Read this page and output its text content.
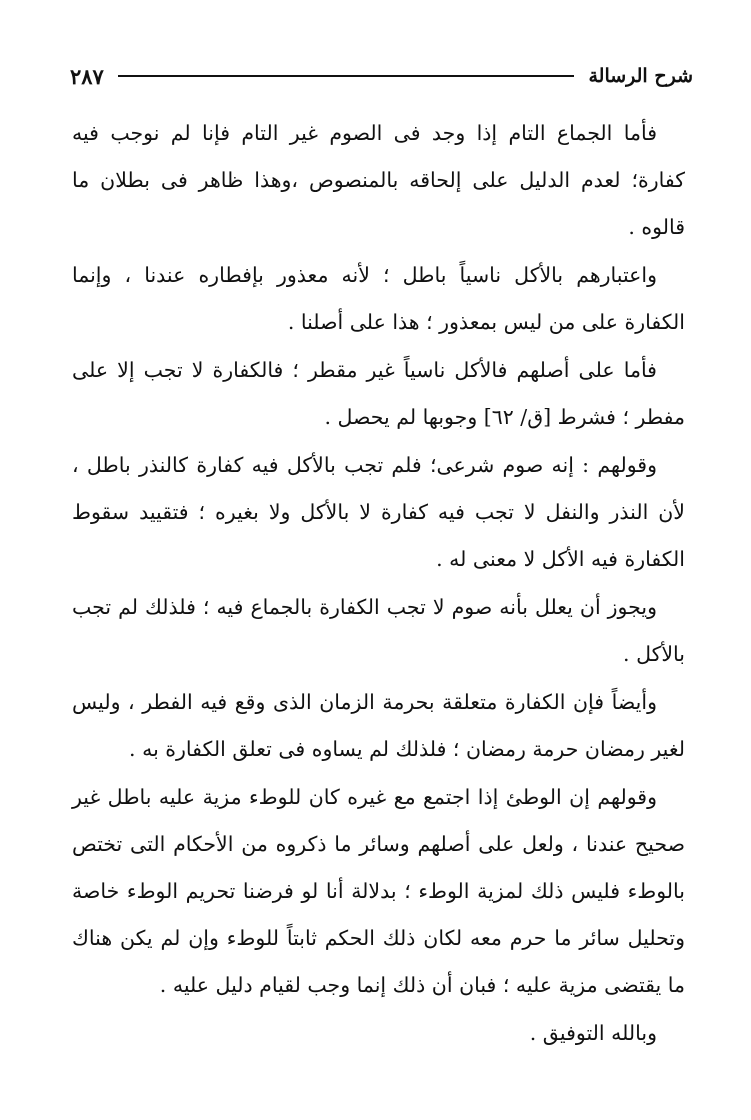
شرح الرسالة
٢٨٧

فأما الجماع التام إذا وجد فى الصوم غير التام فإنا لم نوجب فيه كفارة؛ لعدم الدليل على إلحاقه بالمنصوص ،وهذا ظاهر فى بطلان ما قالوه .

واعتبارهم بالأكل ناسياً باطل ؛ لأنه معذور بإفطاره عندنا ، وإنما الكفارة على من ليس بمعذور ؛ هذا على أصلنا .

فأما على أصلهم فالأكل ناسياً غير مقطر ؛ فالكفارة لا تجب إلا على مفطر ؛ فشرط [ق/ ٦٢] وجوبها لم يحصل .

وقولهم : إنه صوم شرعى؛ فلم تجب بالأكل فيه كفارة كالنذر باطل ، لأن النذر والنفل لا تجب فيه كفارة لا بالأكل ولا بغيره ؛ فتقييد سقوط الكفارة فيه الأكل لا معنى له .

ويجوز أن يعلل بأنه صوم لا تجب الكفارة بالجماع فيه ؛ فلذلك لم تجب بالأكل .

وأيضاً فإن الكفارة متعلقة بحرمة الزمان الذى وقع فيه الفطر ، وليس لغير رمضان حرمة رمضان ؛ فلذلك لم يساوه فى تعلق الكفارة به .

وقولهم إن الوطئ إذا اجتمع مع غيره كان للوطء مزية عليه باطل غير صحيح عندنا ، ولعل على أصلهم وسائر ما ذكروه من الأحكام التى تختص بالوطء فليس ذلك لمزية الوطء ؛ بدلالة أنا لو فرضنا تحريم الوطء خاصة وتحليل سائر ما حرم معه لكان ذلك الحكم ثابتاً للوطء وإن لم يكن هناك ما يقتضى مزية عليه ؛ فبان أن ذلك إنما وجب لقيام دليل عليه .

وبالله التوفيق .
